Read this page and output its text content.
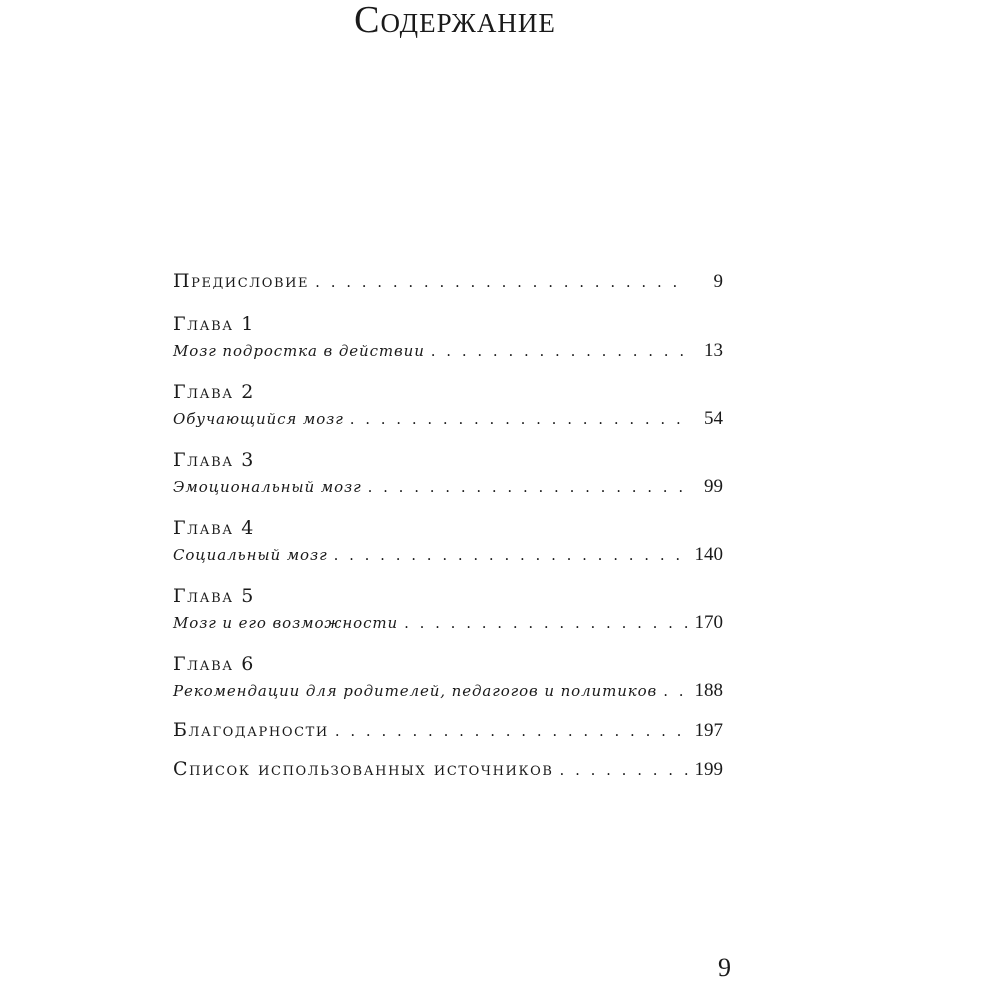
Содержание
Предисловие . . .	9
Глава 1
Мозг подростка в действии . . .	13
Глава 2
Обучающийся мозг . . .	54
Глава 3
Эмоциональный мозг . . .	99
Глава 4
Социальный мозг . . .	140
Глава 5
Мозг и его возможности . . .	170
Глава 6
Рекомендации для родителей, педагогов и политиков . . . 188
Благодарности . . .	197
Список использованных источников . . .	199
9
